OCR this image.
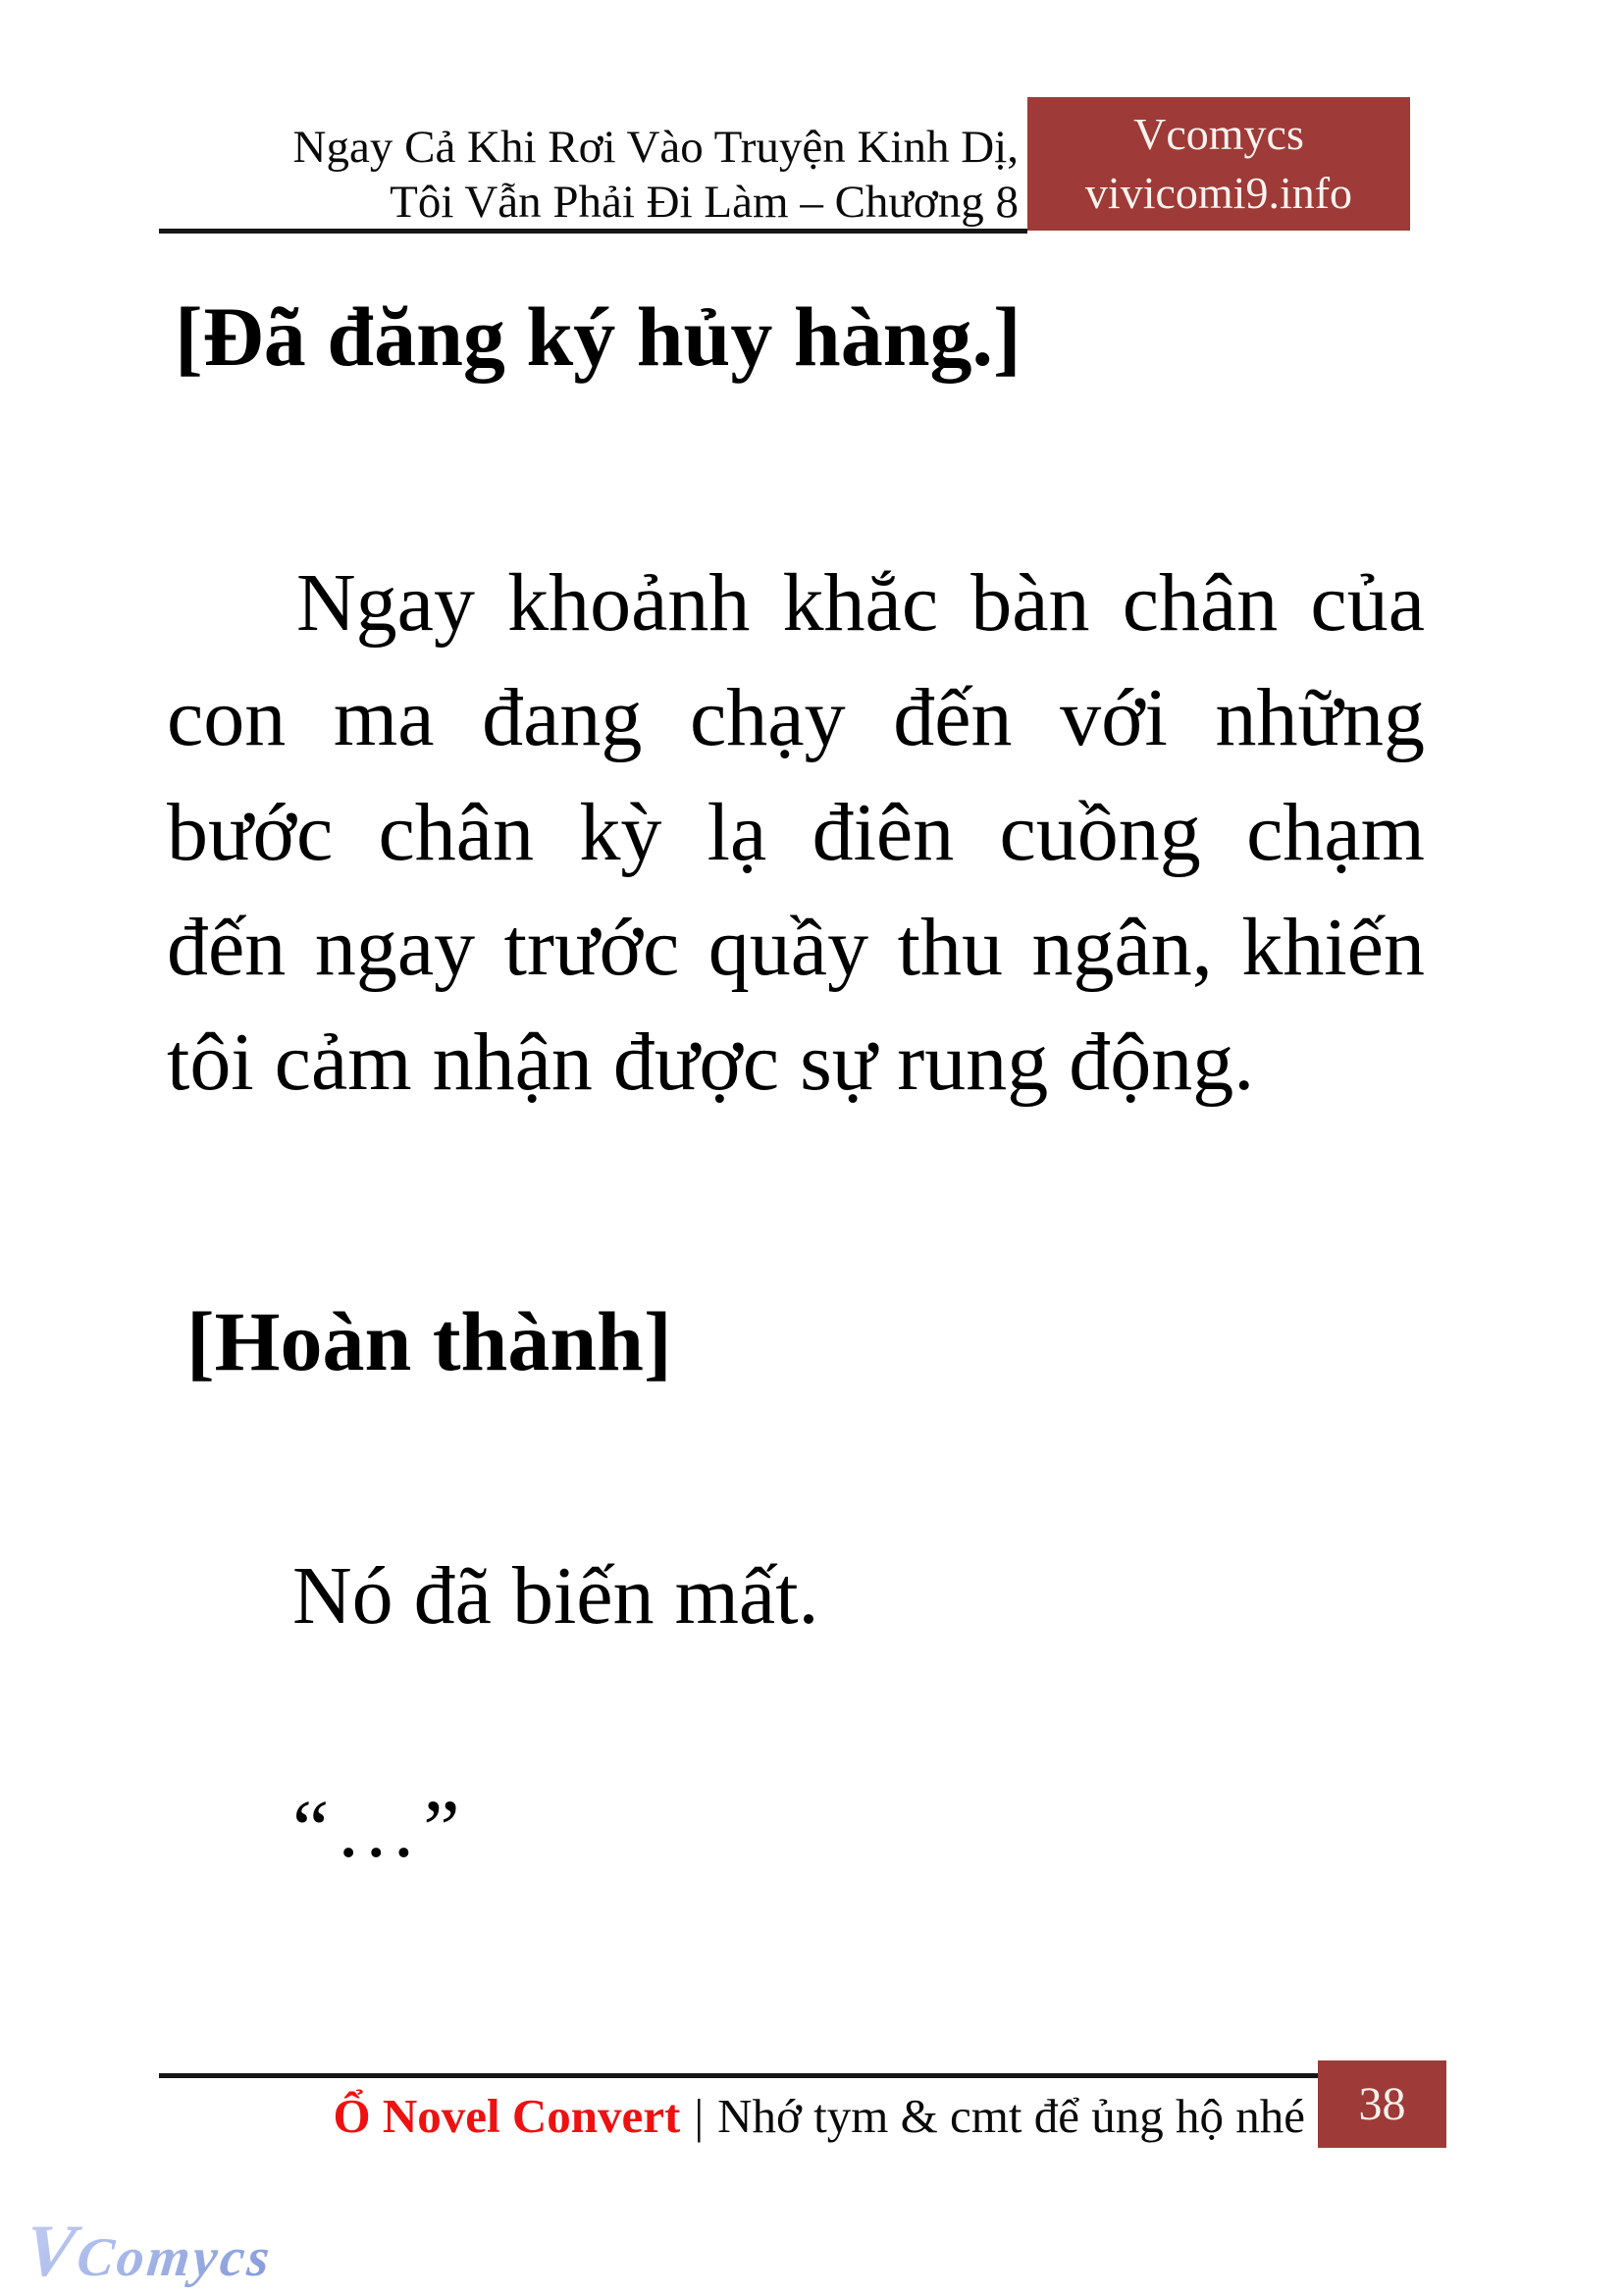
Ngay Cả Khi Rơi Vào Truyện Kinh Dị,
Tôi Vẫn Phải Đi Làm – Chương 8
Vcomycs
vivicomi9.info
[Đã đăng ký hủy hàng.]
Ngay khoảnh khắc bàn chân của
con ma đang chạy đến với những
bước chân kỳ lạ điên cuồng chạm
đến ngay trước quầy thu ngân, khiến
tôi cảm nhận được sự rung động.
[Hoàn thành]
Nó đã biến mất.
“…”
Ổ Novel Convert | Nhớ tym & cmt để ủng hộ nhé 38
VComycs
